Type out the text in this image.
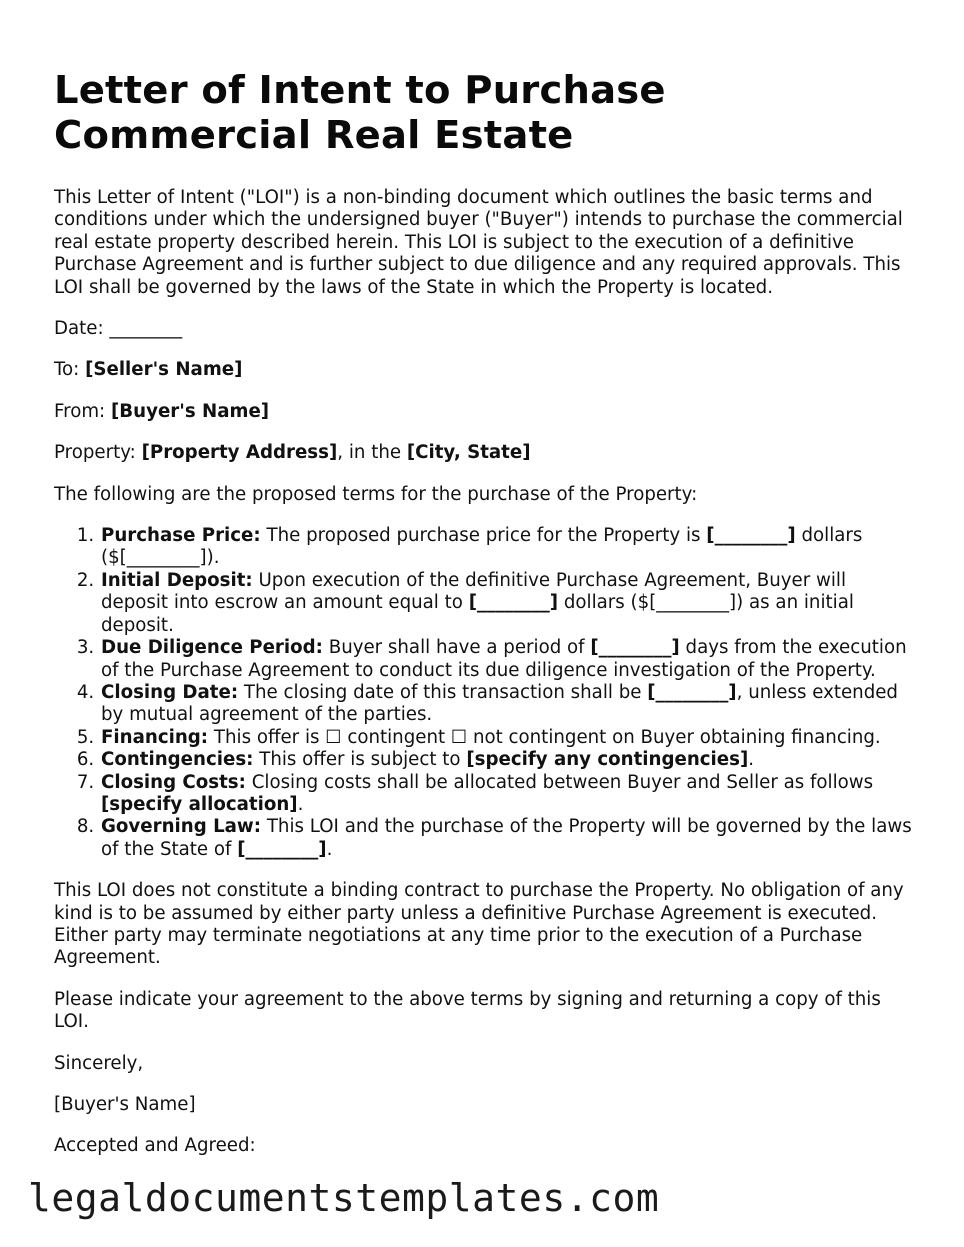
Letter of Intent to Purchase Commercial Real Estate

This Letter of Intent ("LOI") is a non-binding document which outlines the basic terms and conditions under which the undersigned buyer ("Buyer") intends to purchase the commercial real estate property described herein. This LOI is subject to the execution of a definitive Purchase Agreement and is further subject to due diligence and any required approvals. This LOI shall be governed by the laws of the State in which the Property is located.

Date: ________

To: [Seller's Name]

From: [Buyer's Name]

Property: [Property Address], in the [City, State]

The following are the proposed terms for the purchase of the Property:

1. Purchase Price: The proposed purchase price for the Property is [________] dollars ($[________]).
2. Initial Deposit: Upon execution of the definitive Purchase Agreement, Buyer will deposit into escrow an amount equal to [________] dollars ($[________]) as an initial deposit.
3. Due Diligence Period: Buyer shall have a period of [________] days from the execution of the Purchase Agreement to conduct its due diligence investigation of the Property.
4. Closing Date: The closing date of this transaction shall be [________], unless extended by mutual agreement of the parties.
5. Financing: This offer is ☐ contingent ☐ not contingent on Buyer obtaining financing.
6. Contingencies: This offer is subject to [specify any contingencies].
7. Closing Costs: Closing costs shall be allocated between Buyer and Seller as follows [specify allocation].
8. Governing Law: This LOI and the purchase of the Property will be governed by the laws of the State of [________].

This LOI does not constitute a binding contract to purchase the Property. No obligation of any kind is to be assumed by either party unless a definitive Purchase Agreement is executed. Either party may terminate negotiations at any time prior to the execution of a Purchase Agreement.

Please indicate your agreement to the above terms by signing and returning a copy of this LOI.

Sincerely,

[Buyer's Name]

Accepted and Agreed:

legaldocumentstemplates.com
